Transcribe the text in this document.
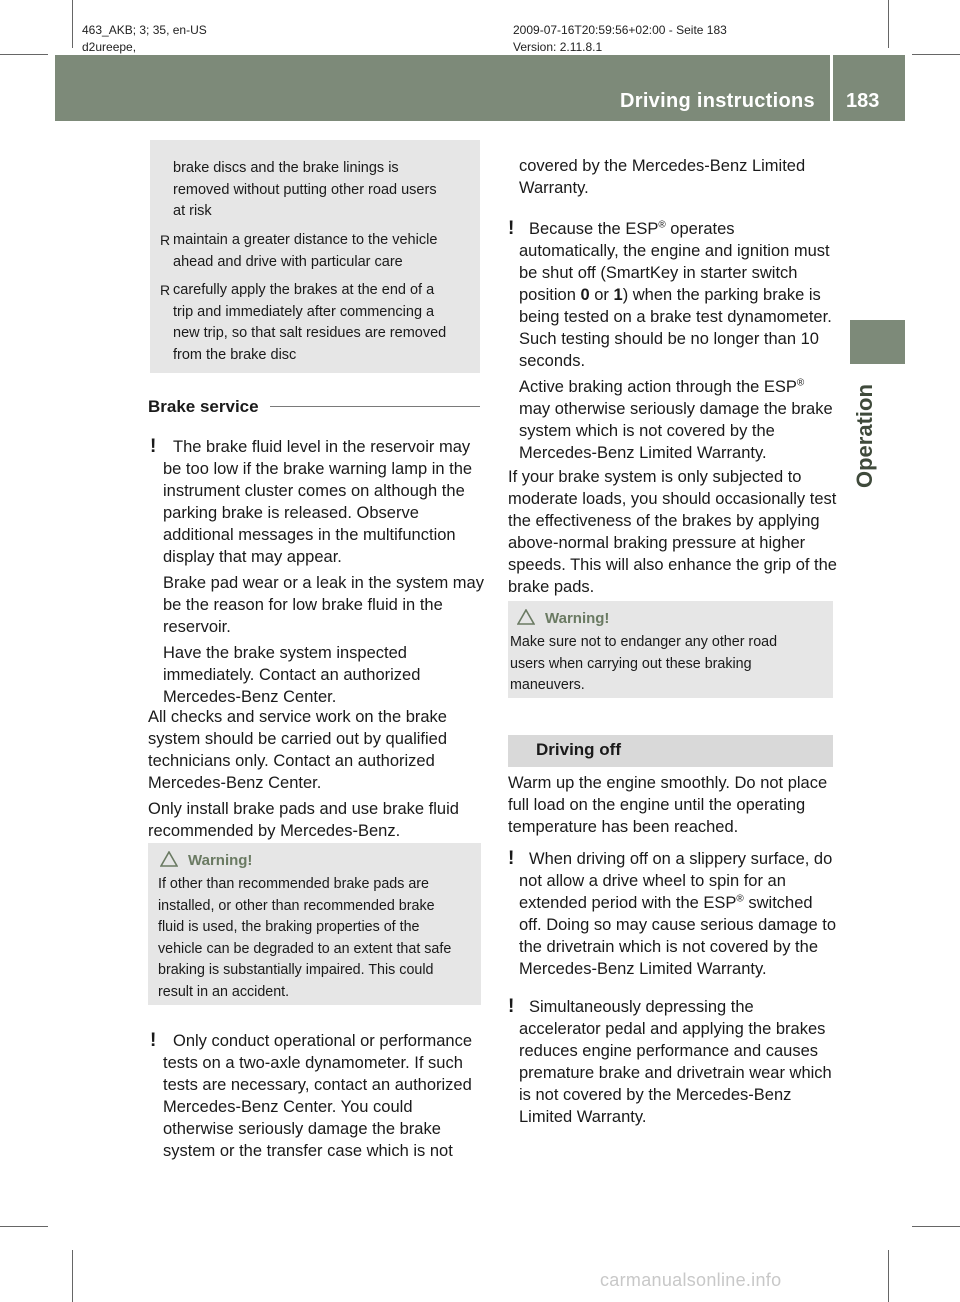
463_AKB; 3; 35, en-US
d2ureepe,
2009-07-16T20:59:56+02:00 - Seite 183
Version: 2.11.8.1
Driving instructions 183
Operation
brake discs and the brake linings is
removed without putting other road users
at risk
R maintain a greater distance to the vehicle
ahead and drive with particular care
R carefully apply the brakes at the end of a
trip and immediately after commencing a
new trip, so that salt residues are removed
from the brake disc
Brake service
!	The brake fluid level in the reservoir may
be too low if the brake warning lamp in the
instrument cluster comes on although the
parking brake is released. Observe
additional messages in the multifunction
display that may appear.
Brake pad wear or a leak in the system may
be the reason for low brake fluid in the
reservoir.
Have the brake system inspected
immediately. Contact an authorized
Mercedes-Benz Center.
All checks and service work on the brake
system should be carried out by qualified
technicians only. Contact an authorized
Mercedes-Benz Center.
Only install brake pads and use brake fluid
recommended by Mercedes-Benz.
Warning!
If other than recommended brake pads are
installed, or other than recommended brake
fluid is used, the braking properties of the
vehicle can be degraded to an extent that safe
braking is substantially impaired. This could
result in an accident.
!	Only conduct operational or performance
tests on a two-axle dynamometer. If such
tests are necessary, contact an authorized
Mercedes-Benz Center. You could
otherwise seriously damage the brake
system or the transfer case which is not
covered by the Mercedes-Benz Limited
Warranty.
! Because the ESP® operates
automatically, the engine and ignition must
be shut off (SmartKey in starter switch
position 0 or 1) when the parking brake is
being tested on a brake test dynamometer.
Such testing should be no longer than 10
seconds.
Active braking action through the ESP®
may otherwise seriously damage the brake
system which is not covered by the
Mercedes-Benz Limited Warranty.
If your brake system is only subjected to
moderate loads, you should occasionally test
the effectiveness of the brakes by applying
above-normal braking pressure at higher
speeds. This will also enhance the grip of the
brake pads.
Warning!
Make sure not to endanger any other road
users when carrying out these braking
maneuvers.
Driving off
Warm up the engine smoothly. Do not place
full load on the engine until the operating
temperature has been reached.
! When driving off on a slippery surface, do
not allow a drive wheel to spin for an
extended period with the ESP® switched
off. Doing so may cause serious damage to
the drivetrain which is not covered by the
Mercedes-Benz Limited Warranty.
! Simultaneously depressing the
accelerator pedal and applying the brakes
reduces engine performance and causes
premature brake and drivetrain wear which
is not covered by the Mercedes-Benz
Limited Warranty.
carmanualsonline.info
